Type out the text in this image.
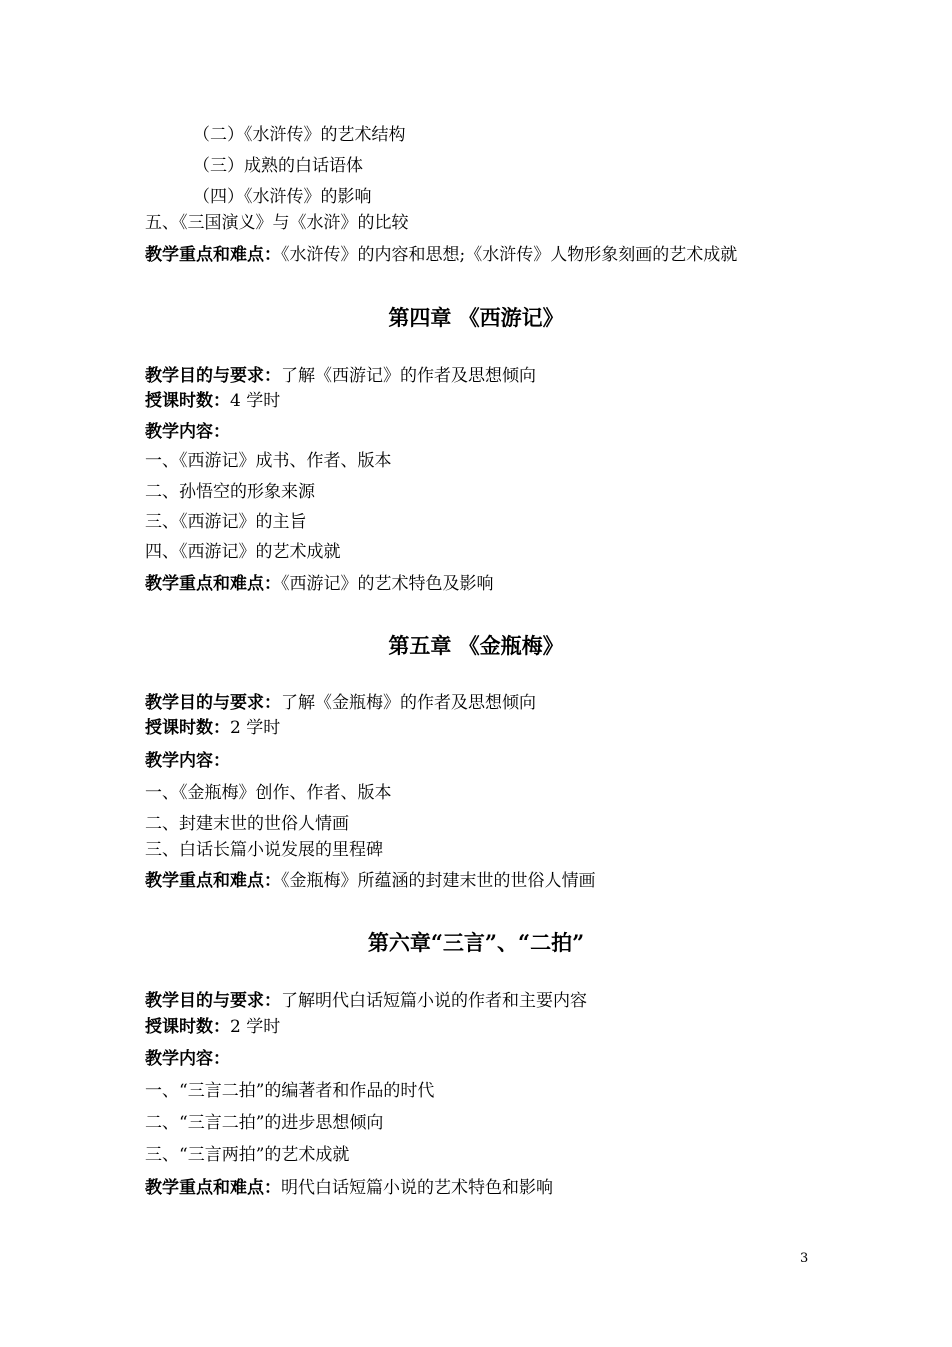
（二）《水浒传》的艺术结构
（三）成熟的白话语体
（四）《水浒传》的影响
五、《三国演义》与《水浒》的比较
教学重点和难点：《水浒传》的内容和思想;《水浒传》人物形象刻画的艺术成就
第四章 《西游记》
教学目的与要求：了解《西游记》的作者及思想倾向
授课时数：4 学时
教学内容：
一、《西游记》成书、作者、版本
二、孙悟空的形象来源
三、《西游记》的主旨
四、《西游记》的艺术成就
教学重点和难点：《西游记》的艺术特色及影响
第五章 《金瓶梅》
教学目的与要求：了解《金瓶梅》的作者及思想倾向
授课时数：2 学时
教学内容：
一、《金瓶梅》创作、作者、版本
二、封建末世的世俗人情画
三、白话长篇小说发展的里程碑
教学重点和难点：《金瓶梅》所蕴涵的封建末世的世俗人情画
第六章“三言”、“二拍”
教学目的与要求：了解明代白话短篇小说的作者和主要内容
授课时数：2 学时
教学内容：
一、“三言二拍”的编著者和作品的时代
二、“三言二拍”的进步思想倾向
三、“三言两拍”的艺术成就
教学重点和难点：明代白话短篇小说的艺术特色和影响
3
